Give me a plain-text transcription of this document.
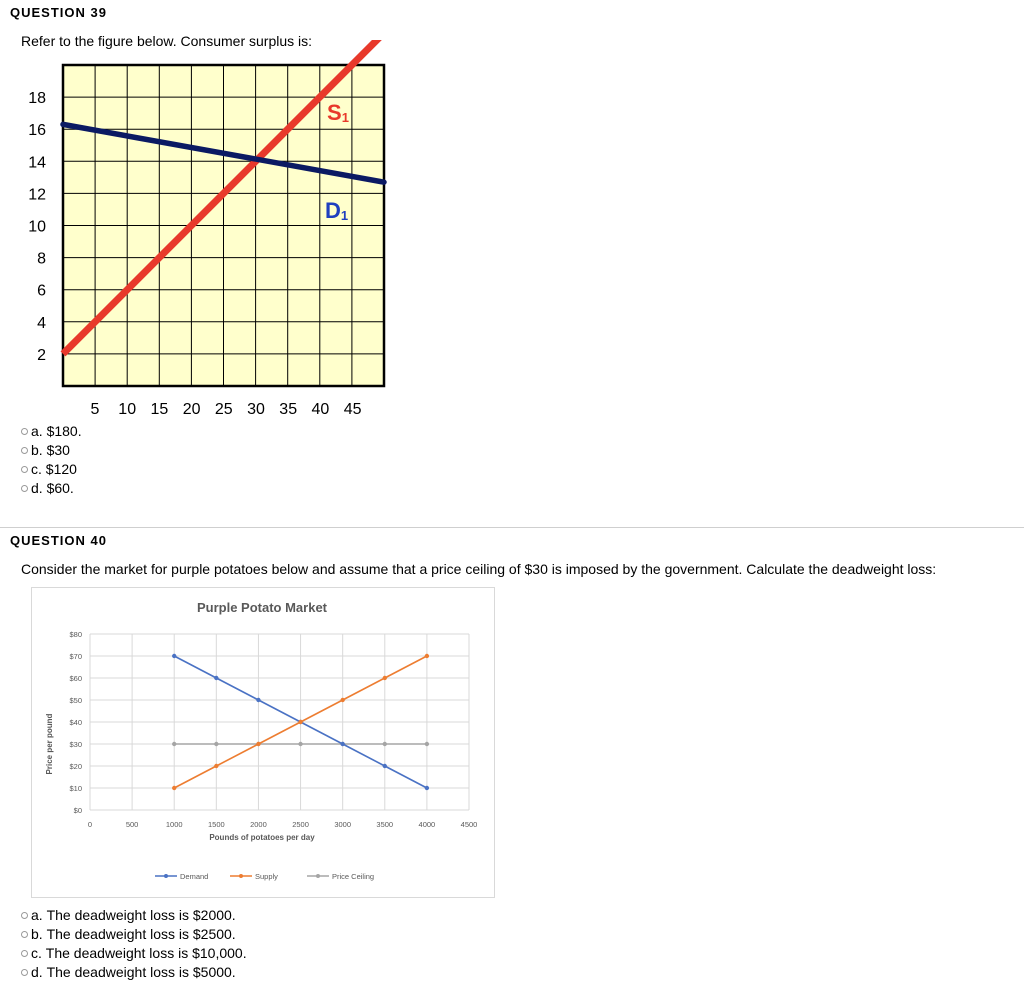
QUESTION 39
Refer to the figure below. Consumer surplus is:
2
4
6
8
10
12
14
16
18
5 10 15 20 25 30 35 40 45
S1
D1
a.
$180.
b.
$30
c.
$120
d.
$60.
QUESTION 40
Consider the market for purple potatoes below and assume that a price ceiling of $30 is imposed by the government. Calculate the deadweight loss:
Purple Potato Market
$0
$10
$20
$30
$40
$50
$60
$70
$80
0	500	1000	1500	2000	2500	3000	3500	4000	4500
Price per pound
Pounds of potatoes per day
Demand	Supply	Price Ceiling
a.
The deadweight loss is $2000.
b.
The deadweight loss is $2500.
c.
The deadweight loss is $10,000.
d.
The deadweight loss is $5000.
